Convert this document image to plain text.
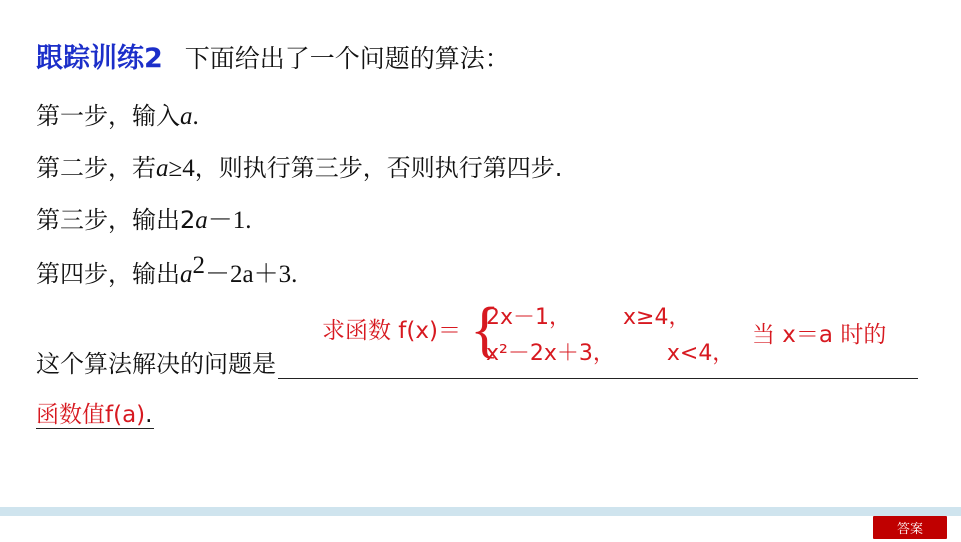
跟踪训练2 下面给出了一个问题的算法：
第一步，输入a.
第二步，若a≥4，则执行第三步，否则执行第四步.
第三步，输出2a－1.
第四步，输出$a^2-2a+3$.
这个算法解决的问题是
求函数 f(x)＝ {
2x－1， x≥4，
x²－2x＋3， x<4，
当 x＝a 时的
函数值f(a).
答案
